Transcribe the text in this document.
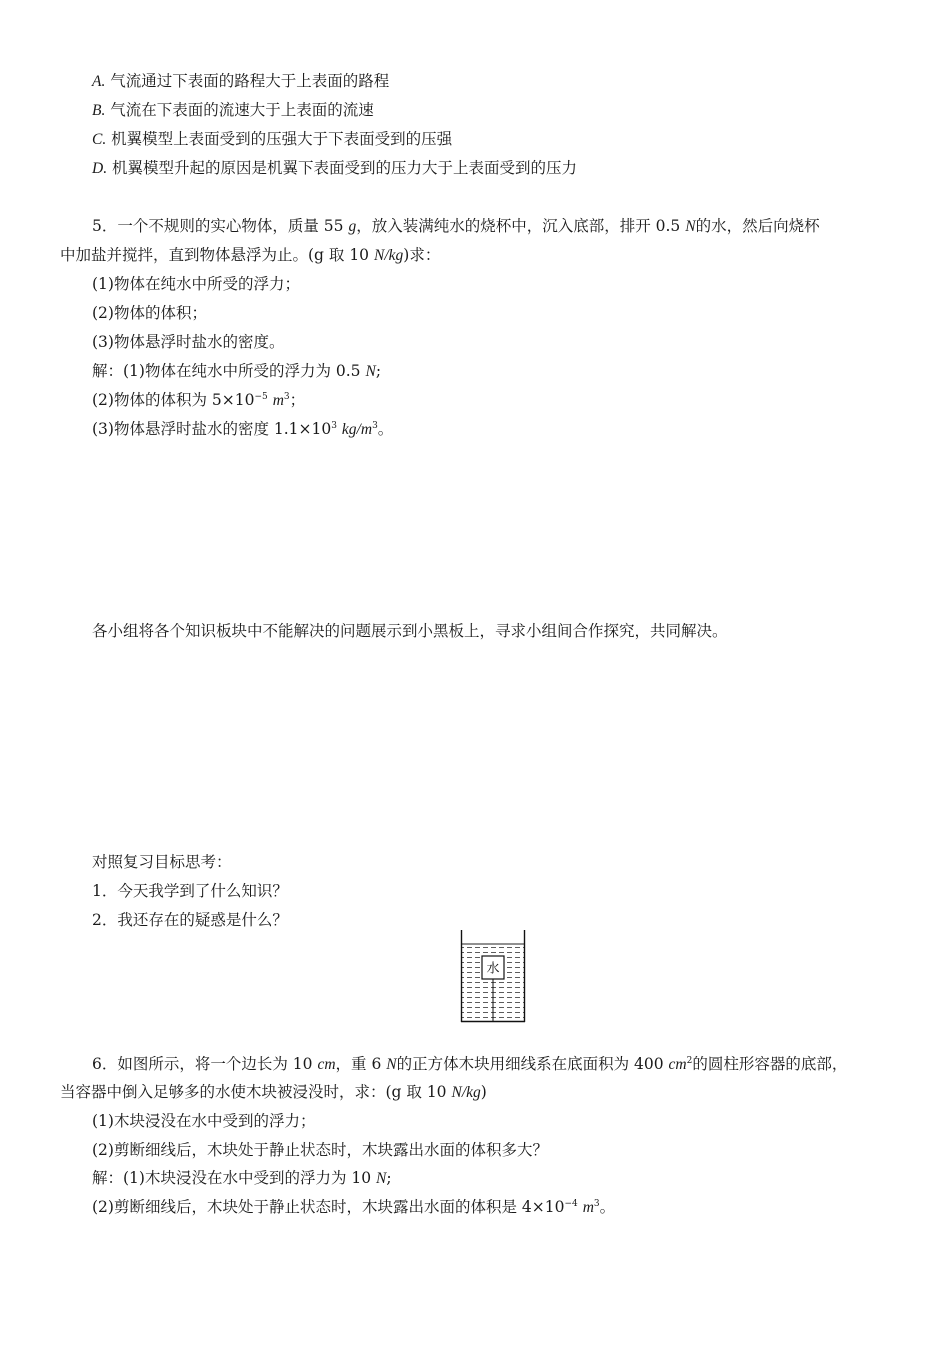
A. 气流通过下表面的路程大于上表面的路程
B. 气流在下表面的流速大于上表面的流速
C. 机翼模型上表面受到的压强大于下表面受到的压强
D. 机翼模型升起的原因是机翼下表面受到的压力大于上表面受到的压力
5．一个不规则的实心物体，质量 55 g，放入装满纯水的烧杯中，沉入底部，排开 0.5 N的水，然后向烧杯
中加盐并搅拌，直到物体悬浮为止。(g 取 10 N/kg)求：
(1)物体在纯水中所受的浮力；
(2)物体的体积；
(3)物体悬浮时盐水的密度。
解：(1)物体在纯水中所受的浮力为 0.5 N;
(2)物体的体积为 $5\times 10^{-5}$ $m^3$；
(3)物体悬浮时盐水的密度 $1.1\times 10^3$ $kg/m^3$。
各小组将各个知识板块中不能解决的问题展示到小黑板上，寻求小组间合作探究，共同解决。
对照复习目标思考：
1．今天我学到了什么知识？
2．我还存在的疑惑是什么？
水
6．如图所示，将一个边长为 10 cm，重 6 N的正方体木块用细线系在底面积为 400 $cm^2$的圆柱形容器的底部，
当容器中倒入足够多的水使木块被浸没时，求：(g 取 10 N/kg)
(1)木块浸没在水中受到的浮力；
(2)剪断细线后，木块处于静止状态时，木块露出水面的体积多大？
解：(1)木块浸没在水中受到的浮力为 10 N;
(2)剪断细线后，木块处于静止状态时，木块露出水面的体积是 $4\times 10^{-4}$ $m^3$。
